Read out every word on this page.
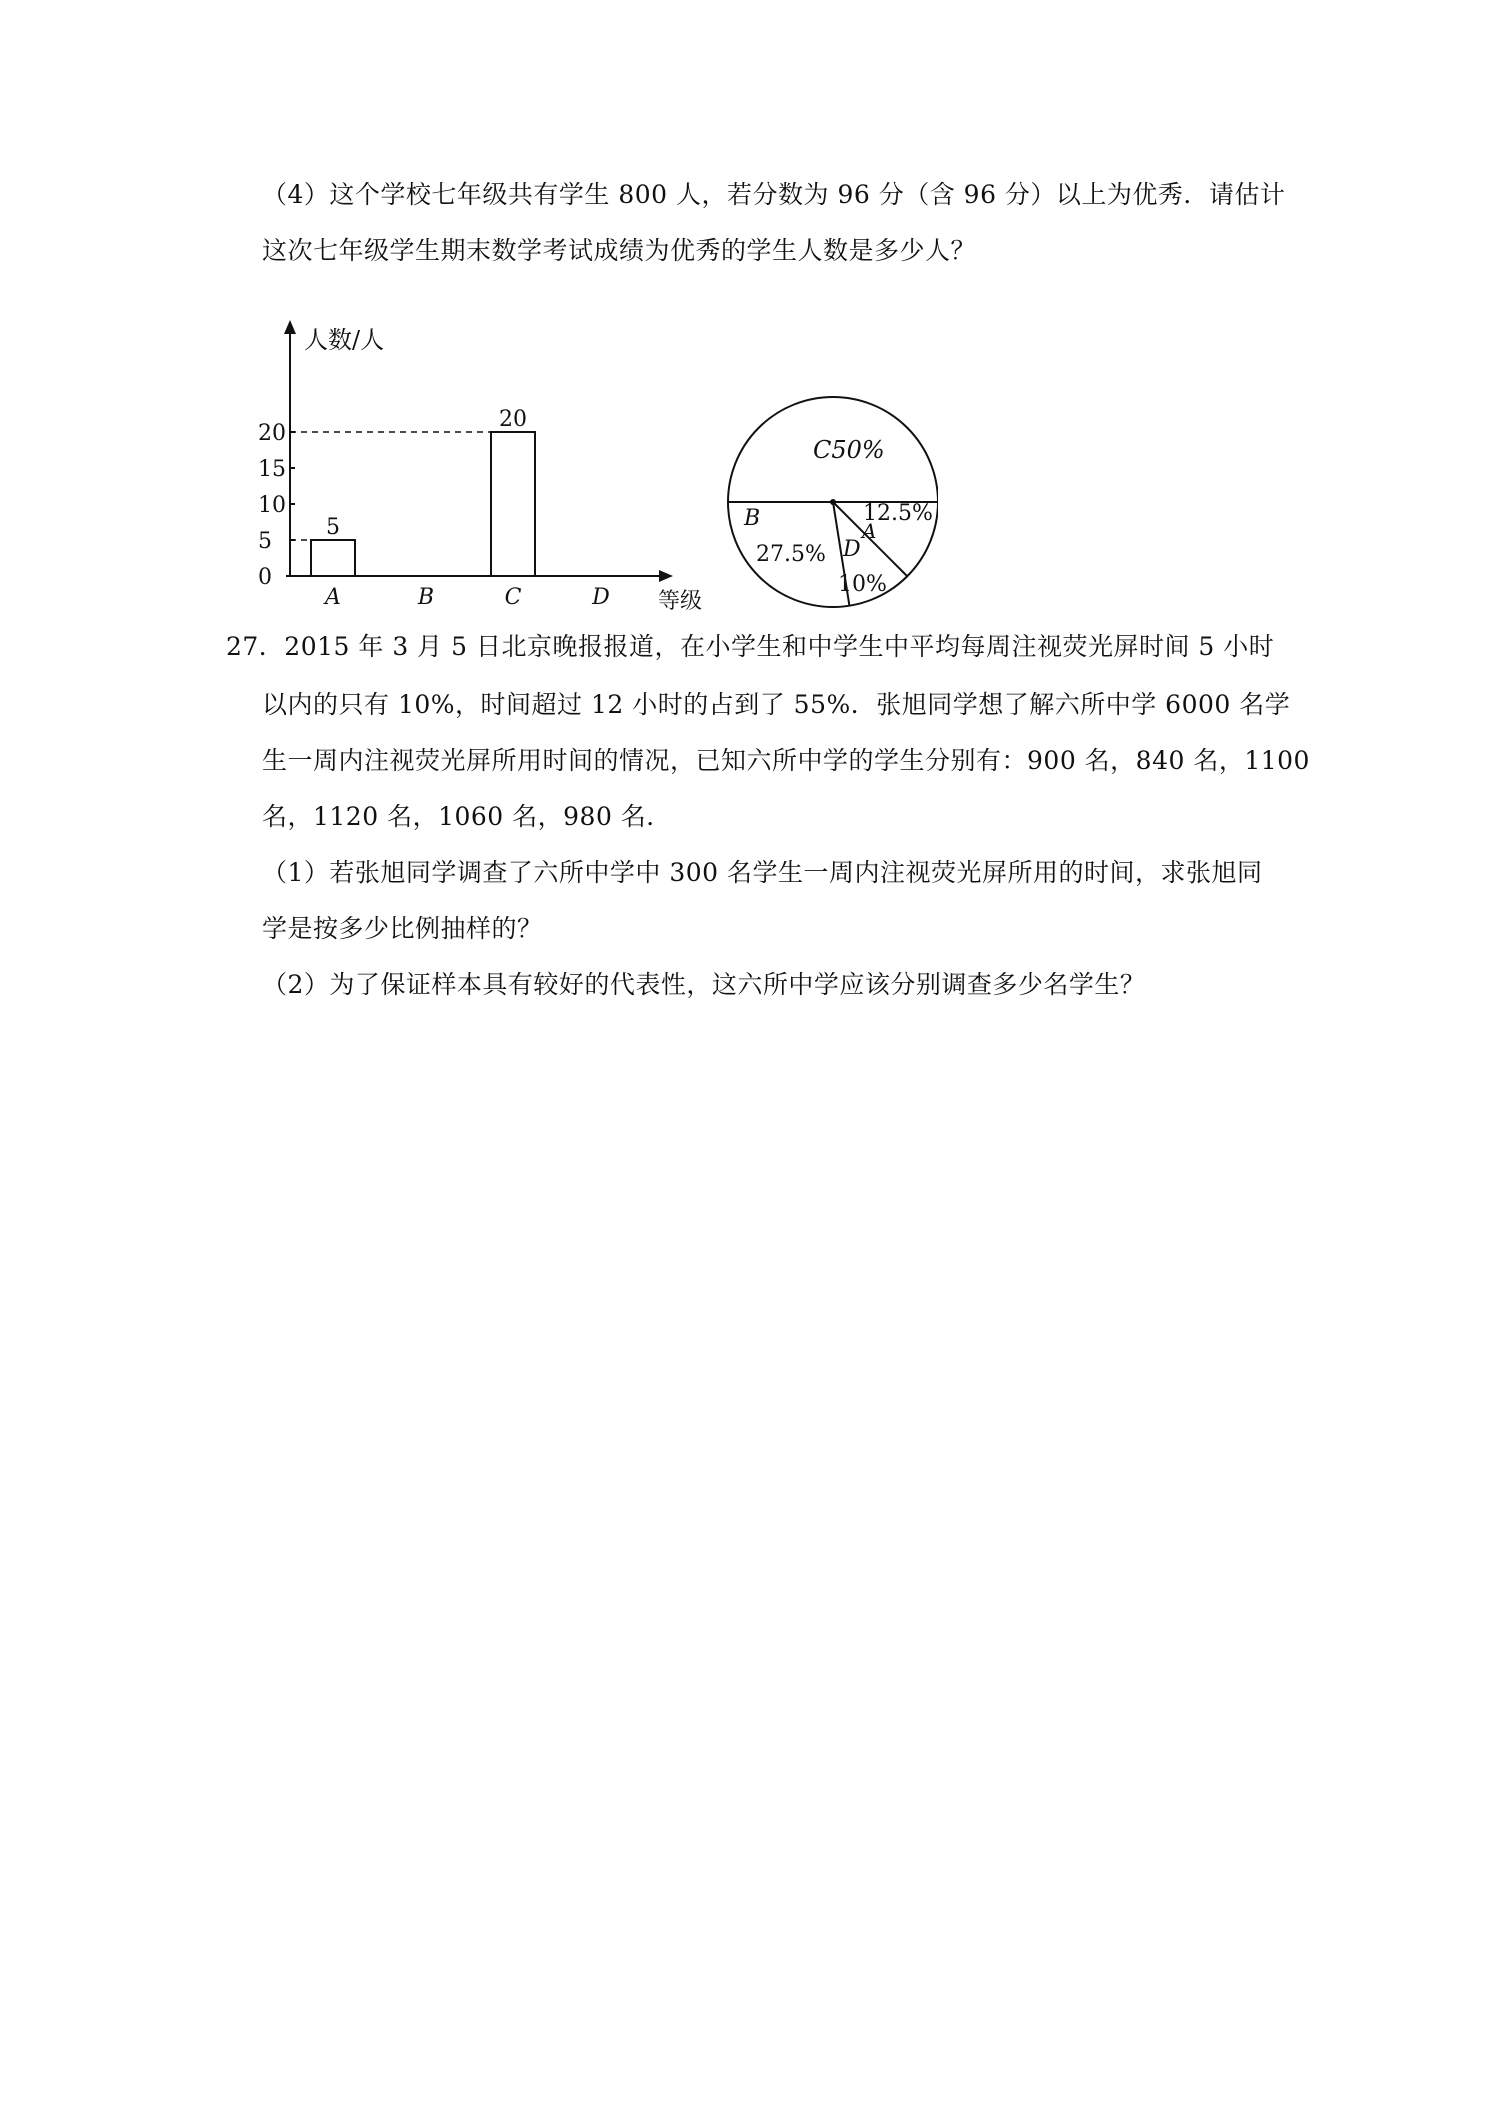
（4）这个学校七年级共有学生 800 人，若分数为 96 分（含 96 分）以上为优秀．请估计
这次七年级学生期末数学考试成绩为优秀的学生人数是多少人？
人数/人
等级
0
5
10
15
20
5
20
A	B	C	D
C50%
B
27.5% D
10%
A
12.5%
27．2015 年 3 月 5 日北京晚报报道，在小学生和中学生中平均每周注视荧光屏时间 5 小时
以内的只有 10%，时间超过 12 小时的占到了 55%．张旭同学想了解六所中学 6000 名学
生一周内注视荧光屏所用时间的情况，已知六所中学的学生分别有：900 名，840 名，1100
名，1120 名，1060 名，980 名．
（1）若张旭同学调查了六所中学中 300 名学生一周内注视荧光屏所用的时间，求张旭同
学是按多少比例抽样的？
（2）为了保证样本具有较好的代表性，这六所中学应该分别调查多少名学生？
